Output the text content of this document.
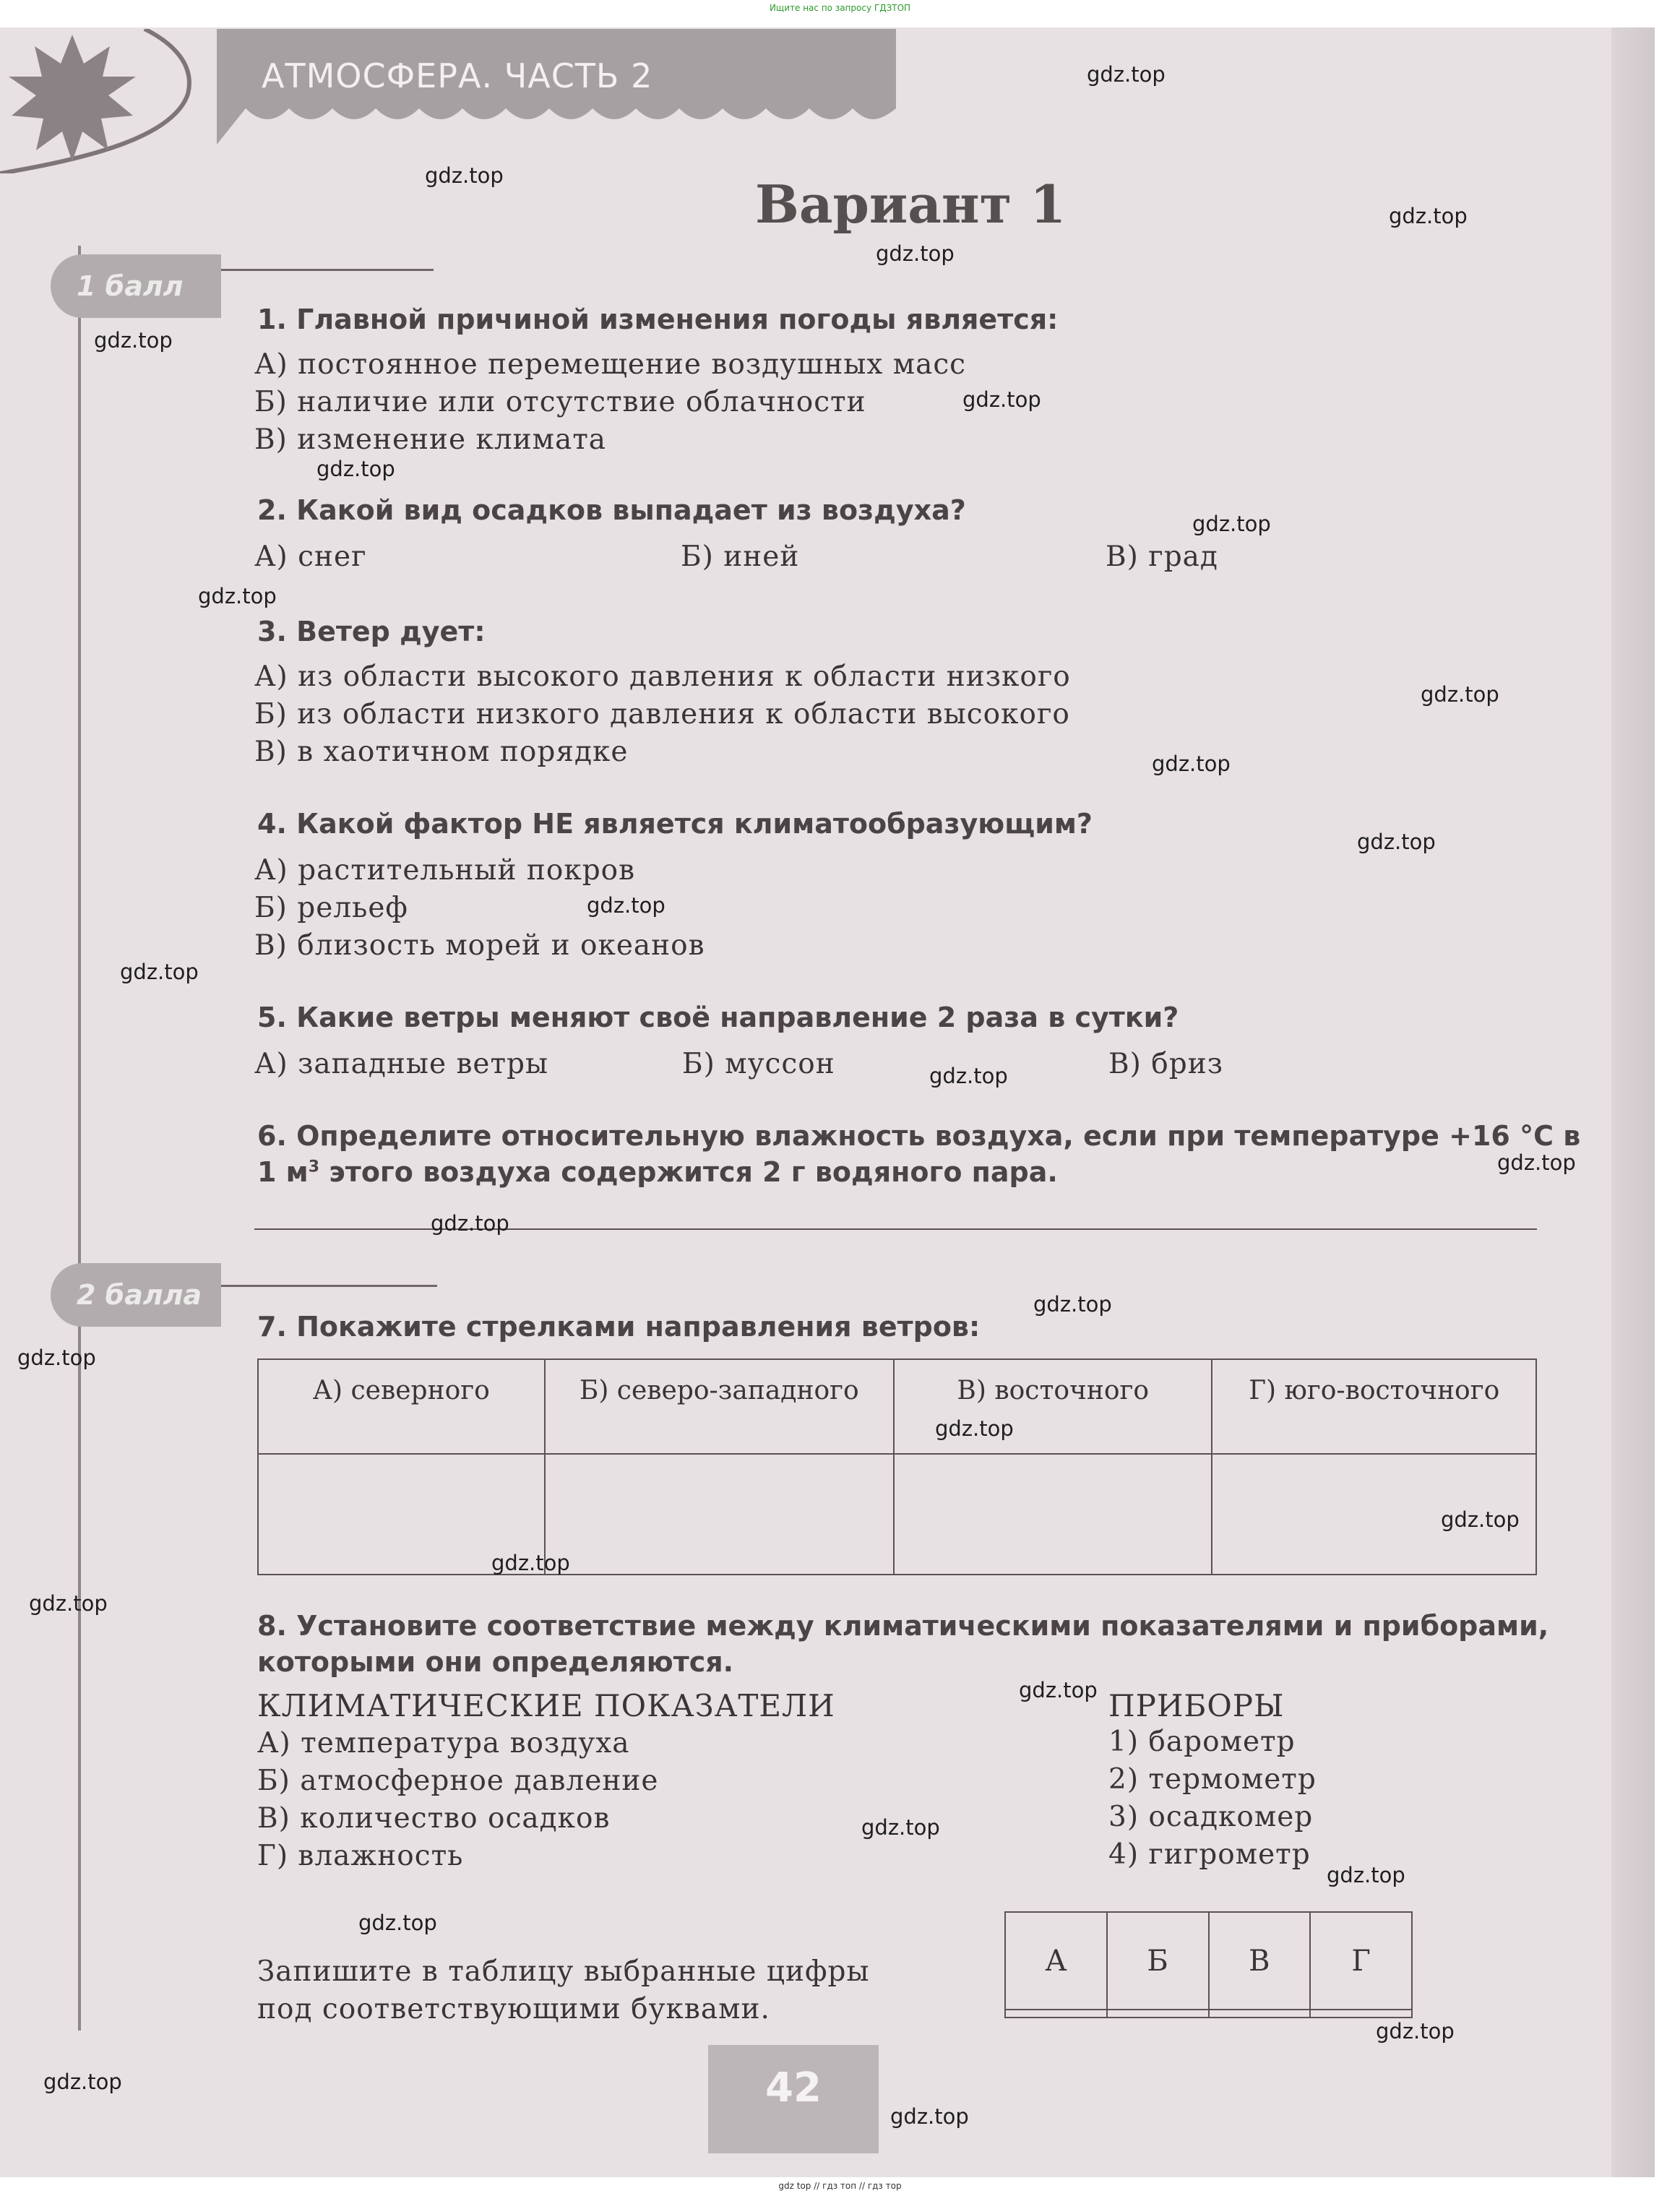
Ищите нас по запросу ГДЗТОП
АТМОСФЕРА. ЧАСТЬ 2
Вариант 1
1 балл
2 балла
1. Главной причиной изменения погоды является:
А) постоянное перемещение воздушных масс
Б) наличие или отсутствие облачности
В) изменение климата
2. Какой вид осадков выпадает из воздуха?
А) снег	Б) иней	В) град
3. Ветер дует:
А) из области высокого давления к области низкого
Б) из области низкого давления к области высокого
В) в хаотичном порядке
4. Какой фактор НЕ является климатообразующим?
А) растительный покров
Б) рельеф
В) близость морей и океанов
5. Какие ветры меняют своё направление 2 раза в сутки?
А) западные ветры	Б) муссон	В) бриз
6. Определите относительную влажность воздуха, если при температуре +16 °С в
1 $м^3$ этого воздуха содержится 2 г водяного пара.
7. Покажите стрелками направления ветров:
А) северного	Б) северо-западного	В) восточного	Г) юго-восточного

8. Установите соответствие между климатическими показателями и приборами,
которыми они определяются.
КЛИМАТИЧЕСКИЕ ПОКАЗАТЕЛИ
А) температура воздуха
Б) атмосферное давление
В) количество осадков
Г) влажность
ПРИБОРЫ
1) барометр
2) термометр
3) осадкомер
4) гигрометр
Запишите в таблицу выбранные цифры
под соответствующими буквами.
А	Б	В	Г

42
gdz.top
gdz.top
gdz.top
gdz.top
gdz.top
gdz.top
gdz.top
gdz.top
gdz.top
gdz.top
gdz.top
gdz.top
gdz.top
gdz.top
gdz.top
gdz.top
gdz.top
gdz.top
gdz.top
gdz.top
gdz.top
gdz.top
gdz.top
gdz.top
gdz.top
gdz.top
gdz.top
gdz.top
gdz.top
gdz.top
gdz top // гдз топ // гдз тор
